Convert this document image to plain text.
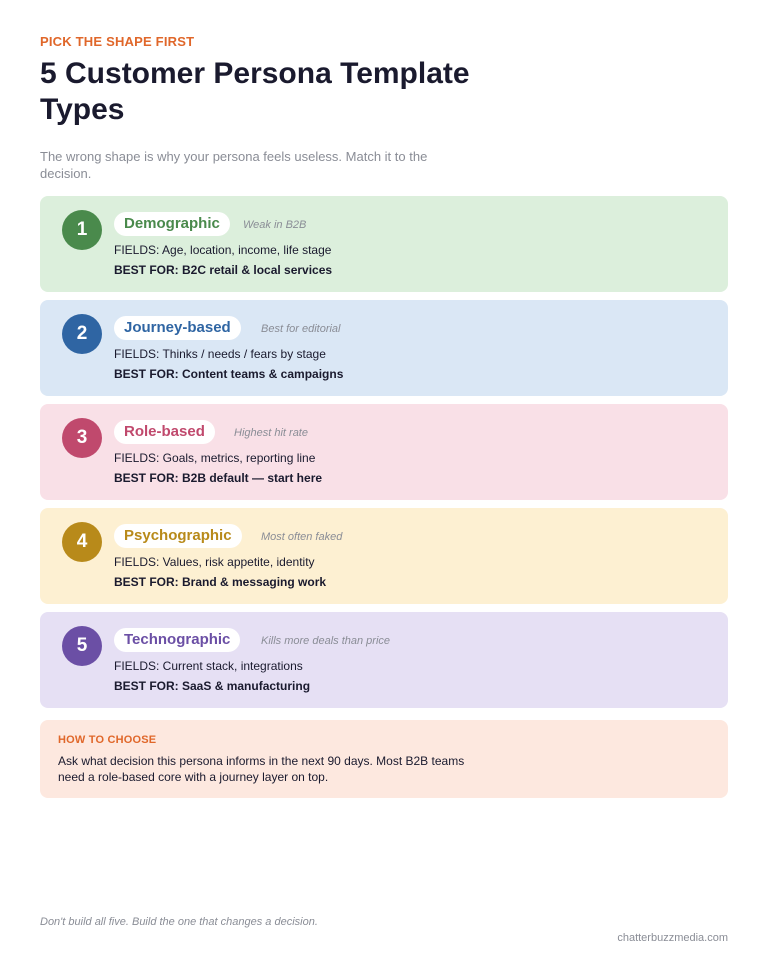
PICK THE SHAPE FIRST
5 Customer Persona Template Types

The wrong shape is why your persona feels useless. Match it to the decision.

1	Demographic	Weak in B2B
FIELDS: Age, location, income, life stage
BEST FOR: B2C retail & local services
2	Journey-based	Best for editorial
FIELDS: Thinks / needs / fears by stage
BEST FOR: Content teams & campaigns
3	Role-based	Highest hit rate
FIELDS: Goals, metrics, reporting line
BEST FOR: B2B default — start here
4	Psychographic	Most often faked
FIELDS: Values, risk appetite, identity
BEST FOR: Brand & messaging work
5	Technographic	Kills more deals than price
FIELDS: Current stack, integrations
BEST FOR: SaaS & manufacturing
HOW TO CHOOSE
Ask what decision this persona informs in the next 90 days. Most B2B teams need a role-based core with a journey layer on top.
Don't build all five. Build the one that changes a decision.
chatterbuzzmedia.com
